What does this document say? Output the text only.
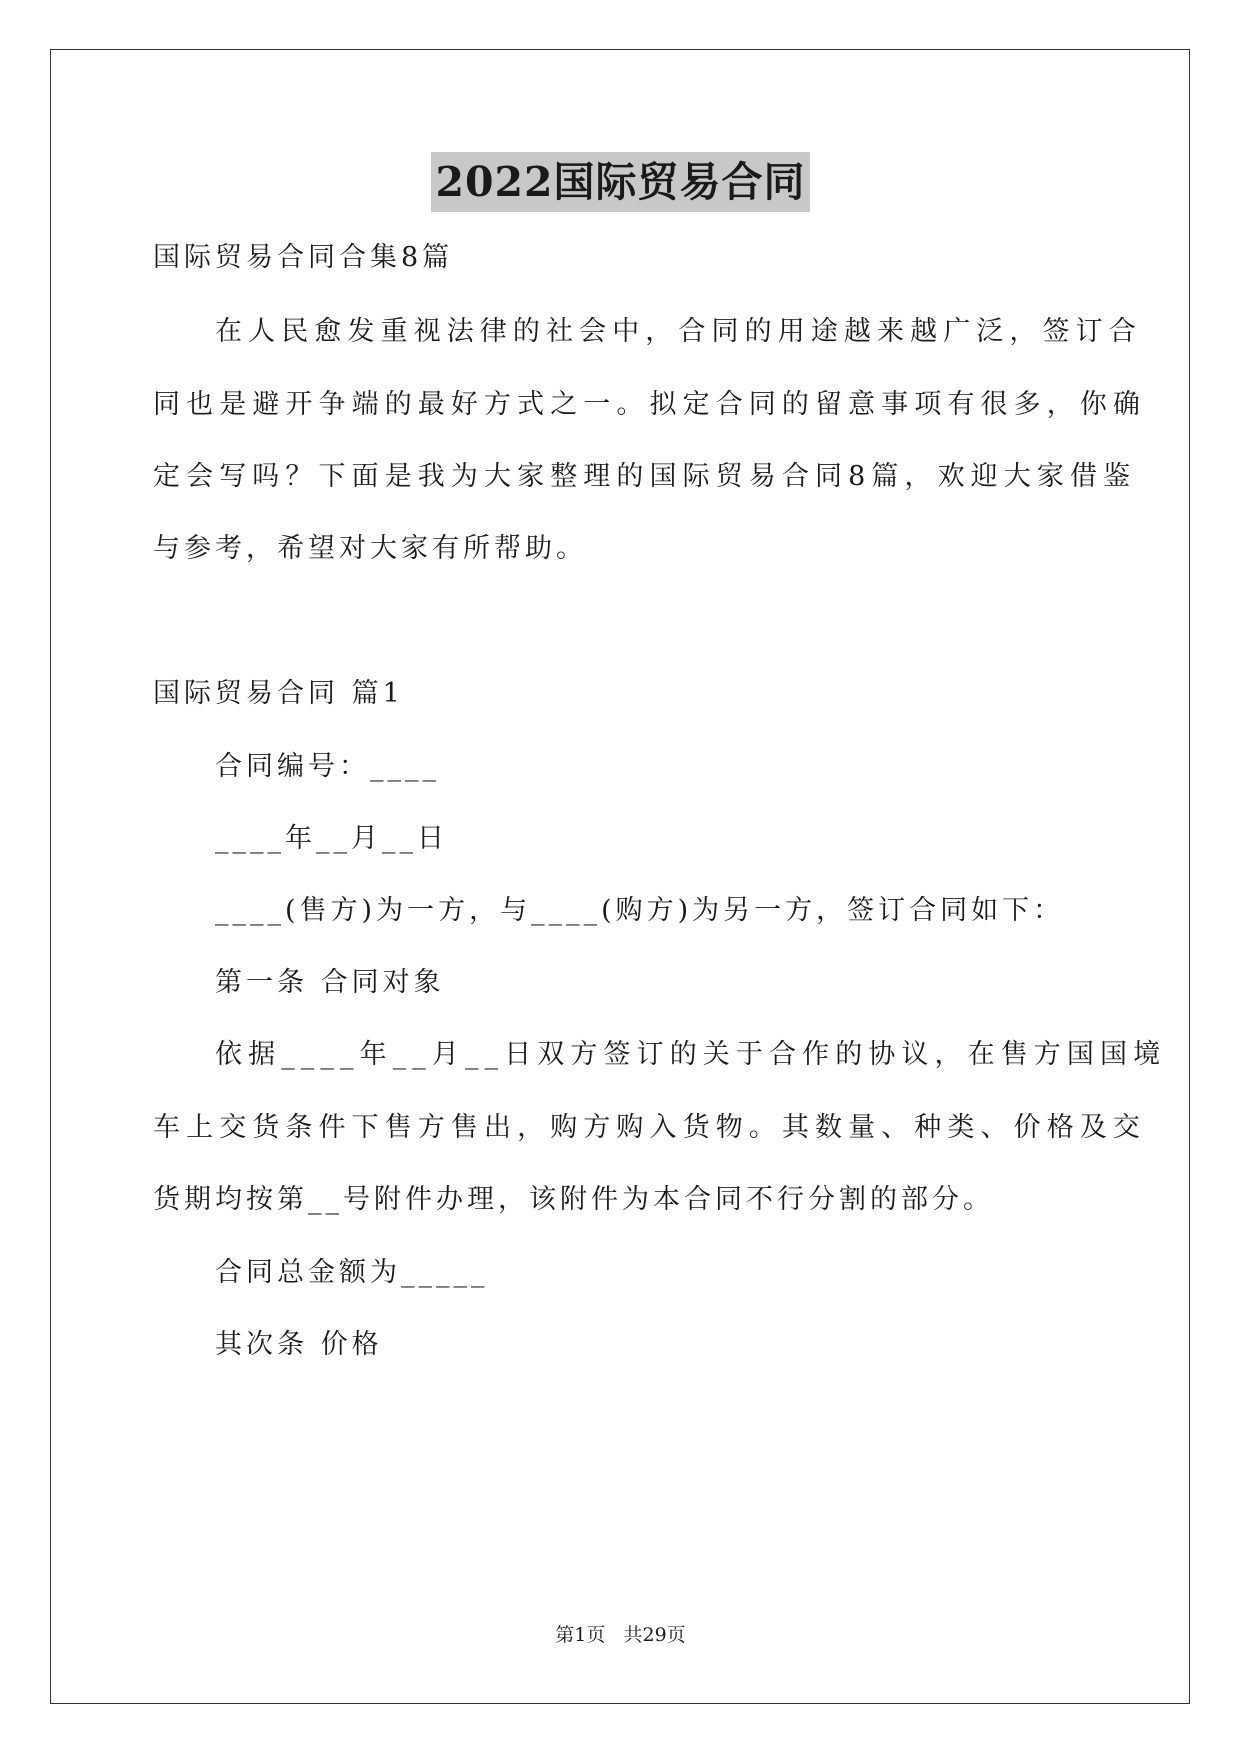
2022国际贸易合同
国际贸易合同合集8篇
在人民愈发重视法律的社会中，合同的用途越来越广泛，签订合
同也是避开争端的最好方式之一。拟定合同的留意事项有很多，你确
定会写吗？下面是我为大家整理的国际贸易合同8篇，欢迎大家借鉴
与参考，希望对大家有所帮助。
国际贸易合同 篇1
合同编号：____
____年__月__日
____(售方)为一方，与____(购方)为另一方，签订合同如下：
第一条 合同对象
依据____年__月__日双方签订的关于合作的协议，在售方国国境
车上交货条件下售方售出，购方购入货物。其数量、种类、价格及交
货期均按第__号附件办理，该附件为本合同不行分割的部分。
合同总金额为_____
其次条 价格
第1页   共29页
